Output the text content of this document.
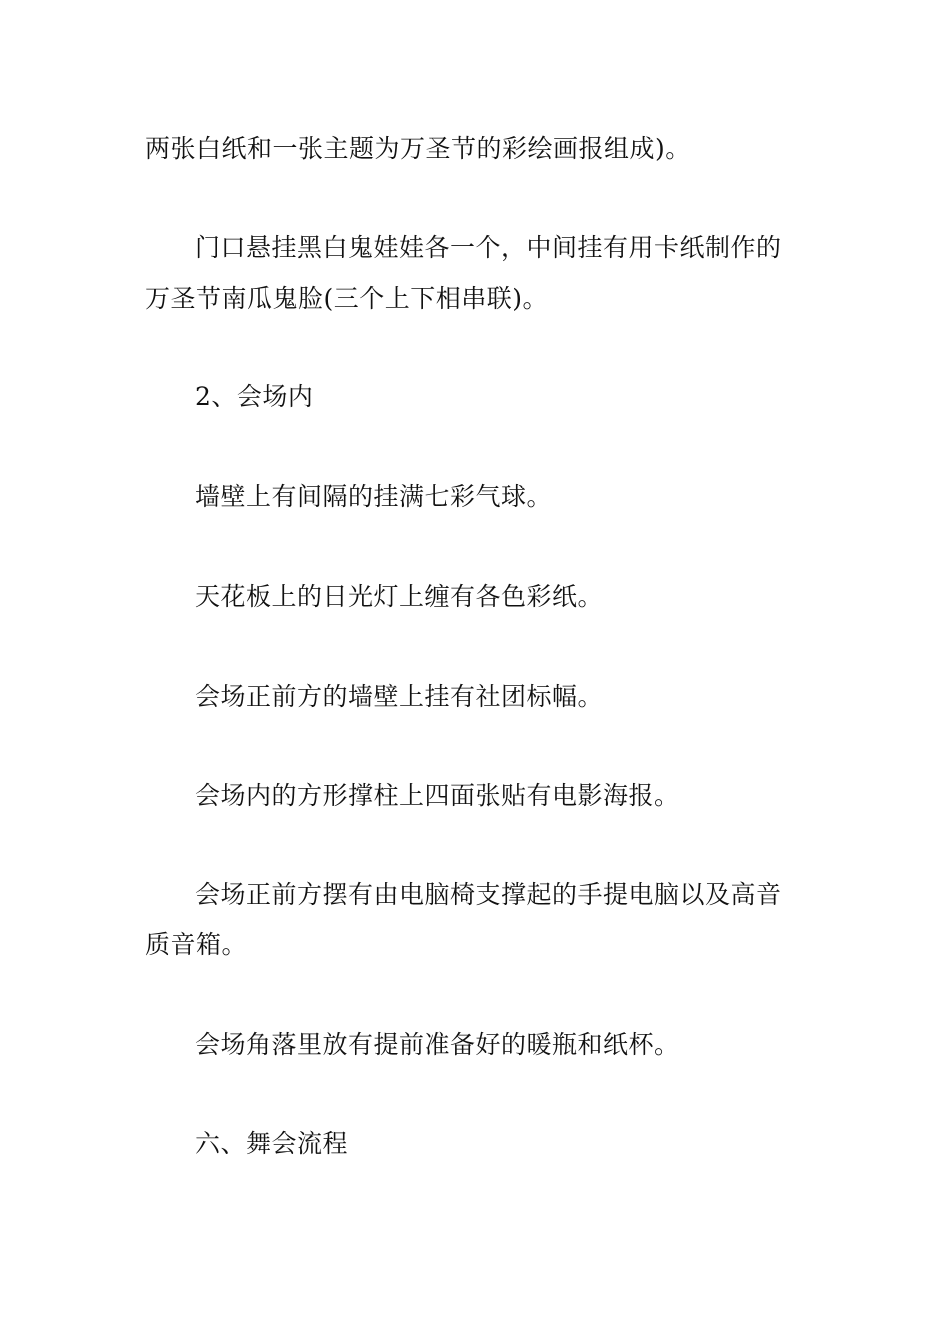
两张白纸和一张主题为万圣节的彩绘画报组成)。
门口悬挂黑白鬼娃娃各一个，中间挂有用卡纸制作的
万圣节南瓜鬼脸(三个上下相串联)。
2、会场内
墙壁上有间隔的挂满七彩气球。
天花板上的日光灯上缠有各色彩纸。
会场正前方的墙壁上挂有社团标幅。
会场内的方形撑柱上四面张贴有电影海报。
会场正前方摆有由电脑椅支撑起的手提电脑以及高音
质音箱。
会场角落里放有提前准备好的暖瓶和纸杯。
六、舞会流程
